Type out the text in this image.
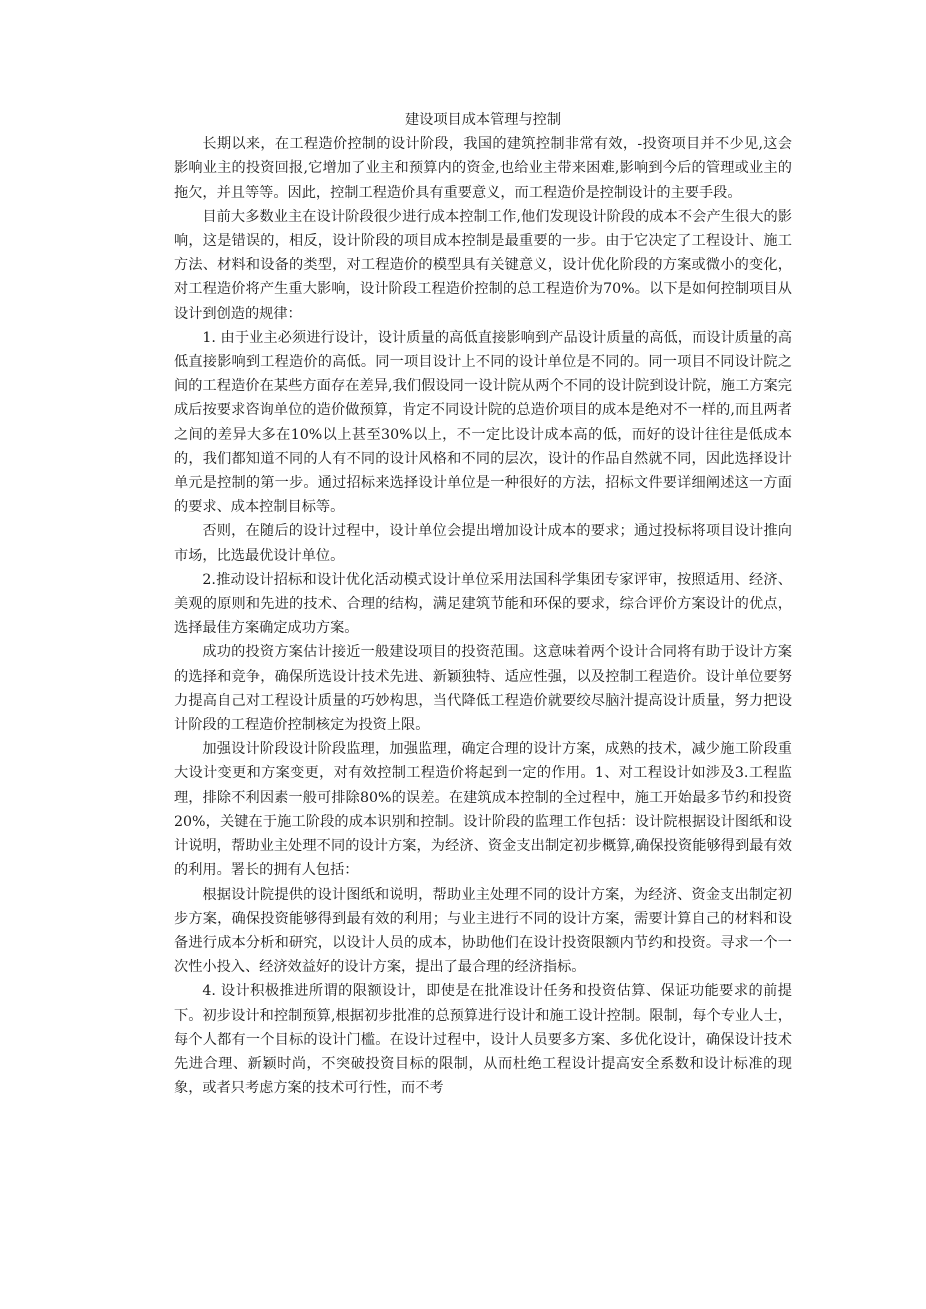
建设项目成本管理与控制

长期以来，在工程造价控制的设计阶段，我国的建筑控制非常有效，-投资项目并不少见,这会影响业主的投资回报,它增加了业主和预算内的资金,也给业主带来困难,影响到今后的管理或业主的拖欠，并且等等。因此，控制工程造价具有重要意义，而工程造价是控制设计的主要手段。

目前大多数业主在设计阶段很少进行成本控制工作,他们发现设计阶段的成本不会产生很大的影响，这是错误的，相反，设计阶段的项目成本控制是最重要的一步。由于它决定了工程设计、施工方法、材料和设备的类型，对工程造价的模型具有关键意义，设计优化阶段的方案或微小的变化，对工程造价将产生重大影响，设计阶段工程造价控制的总工程造价为70%。以下是如何控制项目从设计到创造的规律：

1. 由于业主必须进行设计，设计质量的高低直接影响到产品设计质量的高低，而设计质量的高低直接影响到工程造价的高低。同一项目设计上不同的设计单位是不同的。同一项目不同设计院之间的工程造价在某些方面存在差异,我们假设同一设计院从两个不同的设计院到设计院，施工方案完成后按要求咨询单位的造价做预算，肯定不同设计院的总造价项目的成本是绝对不一样的,而且两者之间的差异大多在10%以上甚至30%以上，不一定比设计成本高的低，而好的设计往往是低成本的，我们都知道不同的人有不同的设计风格和不同的层次，设计的作品自然就不同，因此选择设计单元是控制的第一步。通过招标来选择设计单位是一种很好的方法，招标文件要详细阐述这一方面的要求、成本控制目标等。

否则，在随后的设计过程中，设计单位会提出增加设计成本的要求；通过投标将项目设计推向市场，比选最优设计单位。

2.推动设计招标和设计优化活动模式设计单位采用法国科学集团专家评审，按照适用、经济、美观的原则和先进的技术、合理的结构，满足建筑节能和环保的要求，综合评价方案设计的优点，选择最佳方案确定成功方案。

成功的投资方案估计接近一般建设项目的投资范围。这意味着两个设计合同将有助于设计方案的选择和竞争，确保所选设计技术先进、新颖独特、适应性强，以及控制工程造价。设计单位要努力提高自己对工程设计质量的巧妙构思，当代降低工程造价就要绞尽脑汁提高设计质量，努力把设计阶段的工程造价控制核定为投资上限。

加强设计阶段设计阶段监理，加强监理，确定合理的设计方案，成熟的技术，减少施工阶段重大设计变更和方案变更，对有效控制工程造价将起到一定的作用。1、对工程设计如涉及3.工程监理，排除不利因素一般可排除80%的误差。在建筑成本控制的全过程中，施工开始最多节约和投资20%，关键在于施工阶段的成本识别和控制。设计阶段的监理工作包括：设计院根据设计图纸和设计说明，帮助业主处理不同的设计方案，为经济、资金支出制定初步概算,确保投资能够得到最有效的利用。署长的拥有人包括：

根据设计院提供的设计图纸和说明，帮助业主处理不同的设计方案，为经济、资金支出制定初步方案，确保投资能够得到最有效的利用；与业主进行不同的设计方案，需要计算自己的材料和设备进行成本分析和研究，以设计人员的成本，协助他们在设计投资限额内节约和投资。寻求一个一次性小投入、经济效益好的设计方案，提出了最合理的经济指标。

4. 设计积极推进所谓的限额设计，即使是在批准设计任务和投资估算、保证功能要求的前提下。初步设计和控制预算,根据初步批准的总预算进行设计和施工设计控制。限制，每个专业人士，每个人都有一个目标的设计门槛。在设计过程中，设计人员要多方案、多优化设计，确保设计技术先进合理、新颖时尚，不突破投资目标的限制，从而杜绝工程设计提高安全系数和设计标准的现象，或者只考虑方案的技术可行性，而不考
